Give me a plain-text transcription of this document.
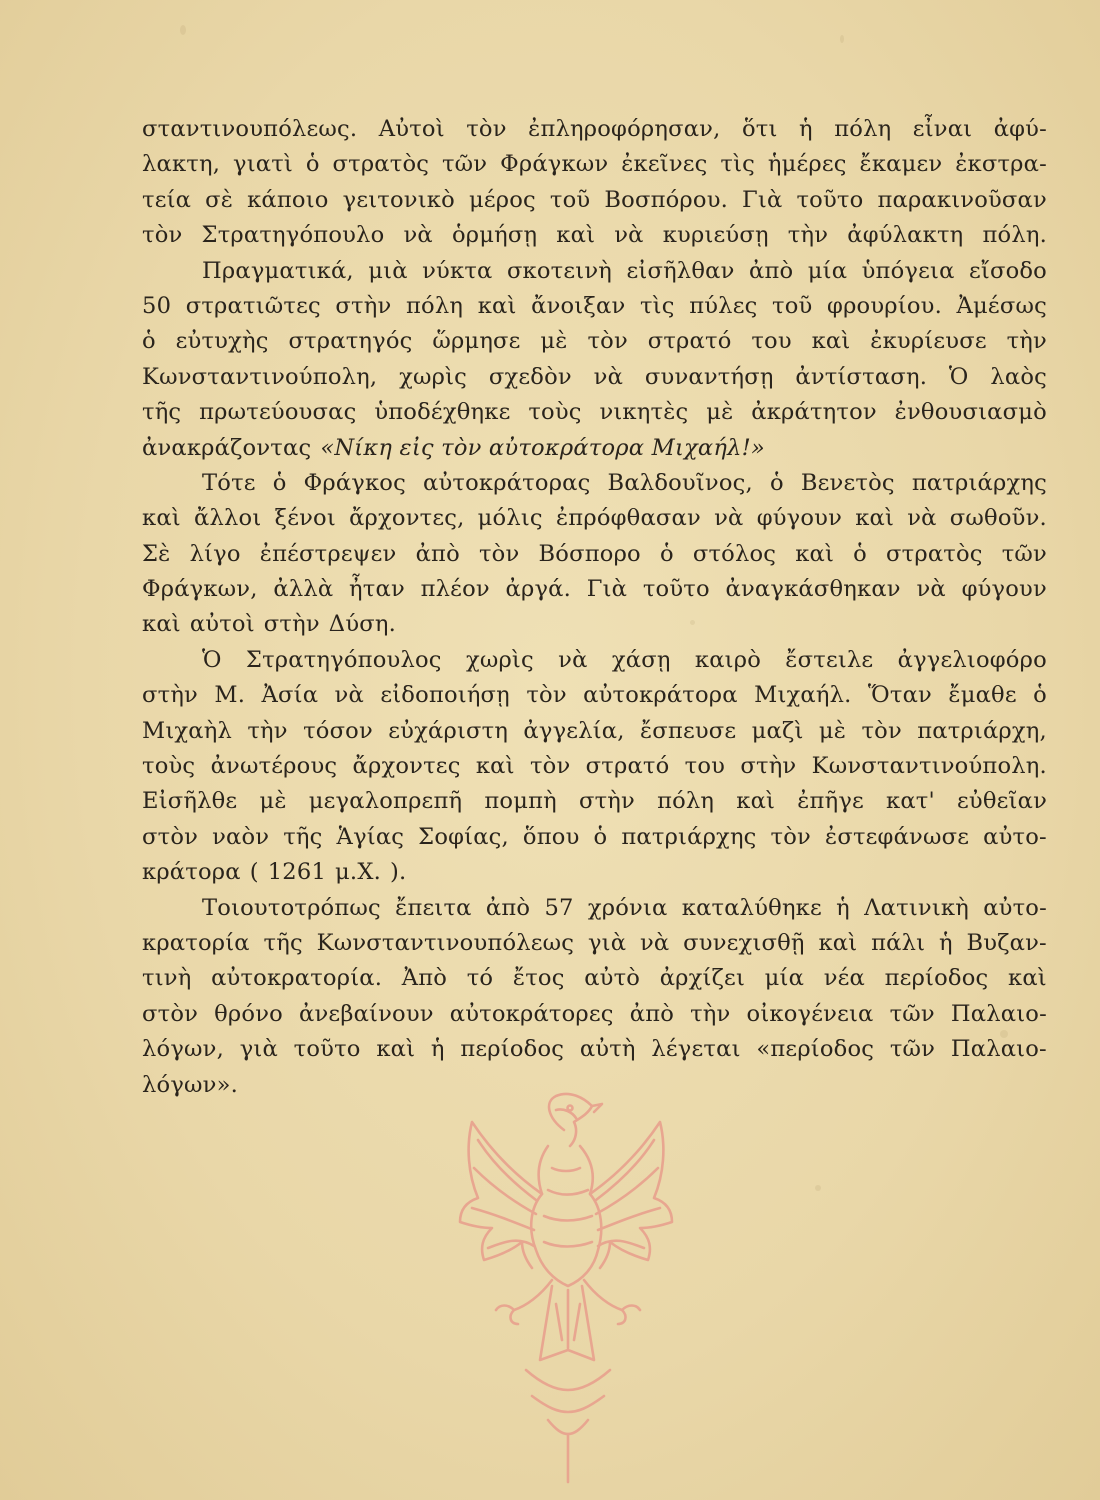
σταντινουπόλεως. Αὐτοὶ τὸν ἐπληροφόρησαν, ὅτι ἡ πόλη εἶναι ἀφύ-
λακτη, γιατὶ ὁ στρατὸς τῶν Φράγκων ἐκεῖνες τὶς ἡμέρες ἔκαμεν ἐκστρα-
τεία σὲ κάποιο γειτονικὸ μέρος τοῦ Βοσπόρου. Γιὰ τοῦτο παρακινοῦσαν
τὸν Στρατηγόπουλο νὰ ὁρμήσῃ καὶ νὰ κυριεύσῃ τὴν ἀφύλακτη πόλη.
Πραγματικά, μιὰ νύκτα σκοτεινὴ εἰσῆλθαν ἀπὸ μία ὑπόγεια εἴσοδο
50 στρατιῶτες στὴν πόλη καὶ ἄνοιξαν τὶς πύλες τοῦ φρουρίου. Ἀμέσως
ὁ εὐτυχὴς στρατηγός ὥρμησε μὲ τὸν στρατό του καὶ ἐκυρίευσε τὴν
Κωνσταντινούπολη, χωρὶς σχεδὸν νὰ συναντήσῃ ἀντίσταση. Ὁ λαὸς
τῆς πρωτεύουσας ὑποδέχθηκε τοὺς νικητὲς μὲ ἀκράτητον ἐνθουσιασμὸ
ἀνακράζοντας «Νίκη εἰς τὸν αὐτοκράτορα Μιχαήλ!»
Τότε ὁ Φράγκος αὐτοκράτορας Βαλδουῖνος, ὁ Βενετὸς πατριάρχης
καὶ ἄλλοι ξένοι ἄρχοντες, μόλις ἐπρόφθασαν νὰ φύγουν καὶ νὰ σωθοῦν.
Σὲ λίγο ἐπέστρεψεν ἀπὸ τὸν Βόσπορο ὁ στόλος καὶ ὁ στρατὸς τῶν
Φράγκων, ἀλλὰ ἦταν πλέον ἀργά. Γιὰ τοῦτο ἀναγκάσθηκαν νὰ φύγουν
καὶ αὐτοὶ στὴν Δύση.
Ὁ Στρατηγόπουλος χωρὶς νὰ χάσῃ καιρὸ ἔστειλε ἀγγελιοφόρο
στὴν Μ. Ἀσία νὰ εἰδοποιήσῃ τὸν αὐτοκράτορα Μιχαήλ. Ὅταν ἔμαθε ὁ
Μιχαὴλ τὴν τόσον εὐχάριστη ἀγγελία, ἔσπευσε μαζὶ μὲ τὸν πατριάρχη,
τοὺς ἀνωτέρους ἄρχοντες καὶ τὸν στρατό του στὴν Κωνσταντινούπολη.
Εἰσῆλθε μὲ μεγαλοπρεπῆ πομπὴ στὴν πόλη καὶ ἐπῆγε κατ' εὐθεῖαν
στὸν ναὸν τῆς Ἁγίας Σοφίας, ὅπου ὁ πατριάρχης τὸν ἐστεφάνωσε αὐτο-
κράτορα ( 1261 μ.Χ. ).
Τοιουτοτρόπως ἔπειτα ἀπὸ 57 χρόνια καταλύθηκε ἡ Λατινικὴ αὐτο-
κρατορία τῆς Κωνσταντινουπόλεως γιὰ νὰ συνεχισθῇ καὶ πάλι ἡ Βυζαν-
τινὴ αὐτοκρατορία. Ἀπὸ τό ἔτος αὐτὸ ἀρχίζει μία νέα περίοδος καὶ
στὸν θρόνο ἀνεβαίνουν αὐτοκράτορες ἀπὸ τὴν οἰκογένεια τῶν Παλαιο-
λόγων, γιὰ τοῦτο καὶ ἡ περίοδος αὐτὴ λέγεται «περίοδος τῶν Παλαιο-
λόγων».
